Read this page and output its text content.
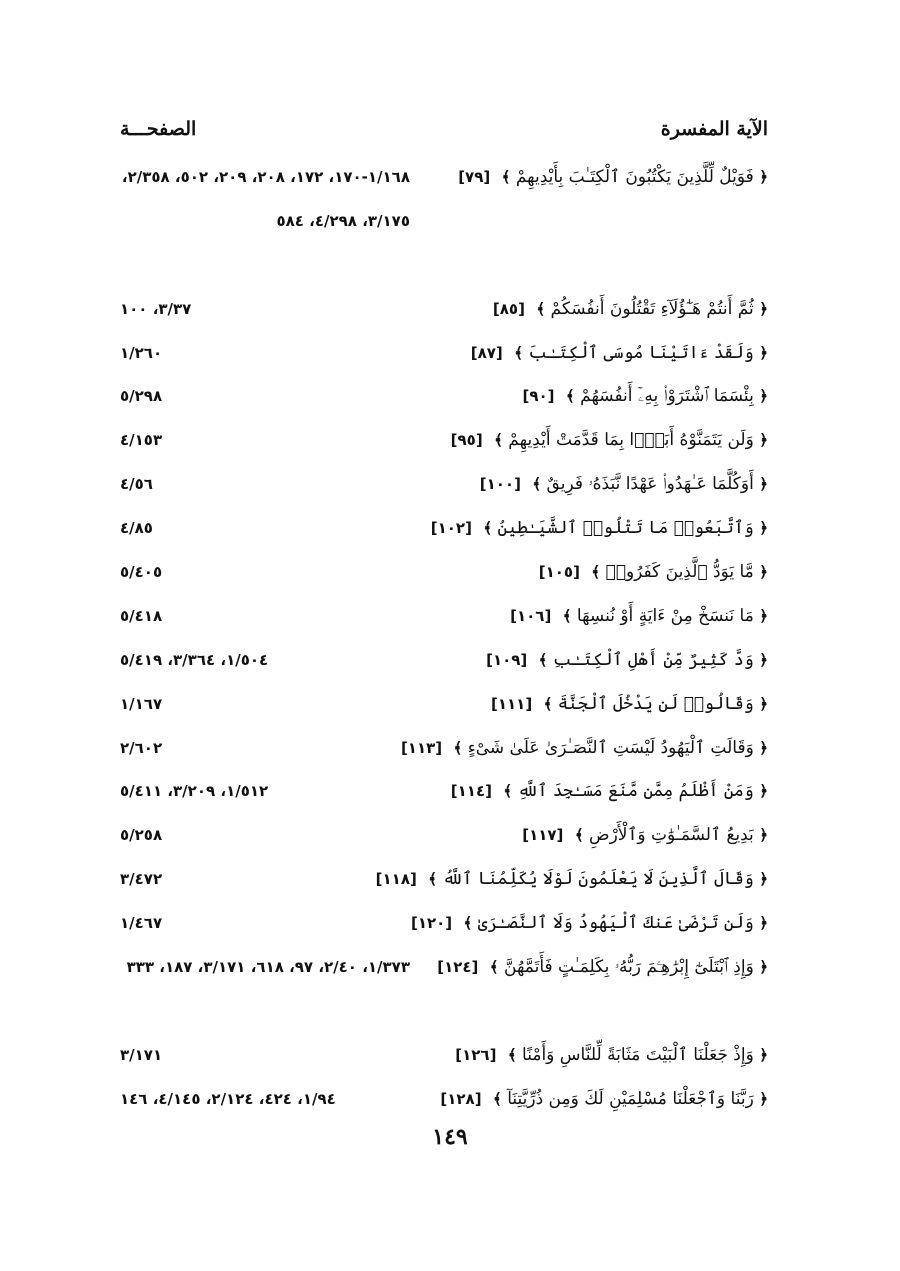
الآية المفسرة
الصفحـــة
﴿ فَوَيْلٌ لِّلَّذِينَ يَكْتُبُونَ ٱلْكِتَـٰبَ بِأَيْدِيهِمْ ﴾ [٧٩]
١/١٦٨-١٧٠، ١٧٢، ٢٠٨، ٢٠٩، ٥٠٢، ٢/٣٥٨، ٣/١٧٥، ٤/٢٩٨، ٥٨٤
﴿ ثُمَّ أَنتُمْ هَـٰٓؤُلَآءِ تَقْتُلُونَ أَنفُسَكُمْ ﴾ [٨٥]
٣/٣٧، ١٠٠
﴿ وَلَقَدْ ءَاتَيْنَا مُوسَى ٱلْكِتَـٰبَ ﴾ [٨٧]
١/٢٦٠
﴿ بِئْسَمَا ٱشْتَرَوْا۟ بِهِۦٓ أَنفُسَهُمْ ﴾ [٩٠]
٥/٢٩٨
﴿ وَلَن يَتَمَنَّوْهُ أَبَدًۢا بِمَا قَدَّمَتْ أَيْدِيهِمْ ﴾ [٩٥]
٤/١٥٣
﴿ أَوَكُلَّمَا عَـٰهَدُوا۟ عَهْدًا نَّبَذَهُۥ فَرِيقٌ ﴾ [١٠٠]
٤/٥٦
﴿ وَٱتَّبَعُوا۟ مَا تَتْلُوا۟ ٱلشَّيَـٰطِينُ ﴾ [١٠٢]
٤/٨٥
﴿ مَّا يَوَدُّ ٱلَّذِينَ كَفَرُوا۟ ﴾ [١٠٥]
٥/٤٠٥
﴿ مَا نَنسَخْ مِنْ ءَايَةٍ أَوْ نُنسِهَا ﴾ [١٠٦]
٥/٤١٨
﴿ وَدَّ كَثِيرٌ مِّنْ أَهْلِ ٱلْكِتَـٰبِ ﴾ [١٠٩]
١/٥٠٤، ٣/٣٦٤، ٥/٤١٩
﴿ وَقَالُوا۟ لَن يَدْخُلَ ٱلْجَنَّةَ ﴾ [١١١]
١/١٦٧
﴿ وَقَالَتِ ٱلْيَهُودُ لَيْسَتِ ٱلنَّصَـٰرَىٰ عَلَىٰ شَىْءٍ ﴾ [١١٣]
٢/٦٠٢
﴿ وَمَنْ أَظْلَمُ مِمَّن مَّنَعَ مَسَـٰجِدَ ٱللَّهِ ﴾ [١١٤]
١/٥١٢، ٣/٢٠٩، ٥/٤١١
﴿ بَدِيعُ ٱلسَّمَـٰوَٰتِ وَٱلْأَرْضِ ﴾ [١١٧]
٥/٢٥٨
﴿ وَقَالَ ٱلَّذِينَ لَا يَعْلَمُونَ لَوْلَا يُكَلِّمُنَا ٱللَّهُ ﴾ [١١٨]
٣/٤٧٢
﴿ وَلَن تَرْضَىٰ عَنكَ ٱلْيَهُودُ وَلَا ٱلنَّصَـٰرَىٰ ﴾ [١٢٠]
١/٤٦٧
﴿ وَإِذِ ٱبْتَلَىٰٓ إِبْرَٰهِـۧمَ رَبُّهُۥ بِكَلِمَـٰتٍ فَأَتَمَّهُنَّ ﴾ [١٢٤]
١/٣٧٣، ٢/٤٠، ٩٧، ٦١٨، ٣/١٧١، ١٨٧، ٣٣٣
﴿ وَإِذْ جَعَلْنَا ٱلْبَيْتَ مَثَابَةً لِّلنَّاسِ وَأَمْنًا ﴾ [١٢٦]
٣/١٧١
﴿ رَبَّنَا وَٱجْعَلْنَا مُسْلِمَيْنِ لَكَ وَمِن ذُرِّيَّتِنَآ ﴾ [١٢٨]
١/٩٤، ٤٢٤، ٢/١٢٤، ٤/١٤٥، ١٤٦
١٤٩
